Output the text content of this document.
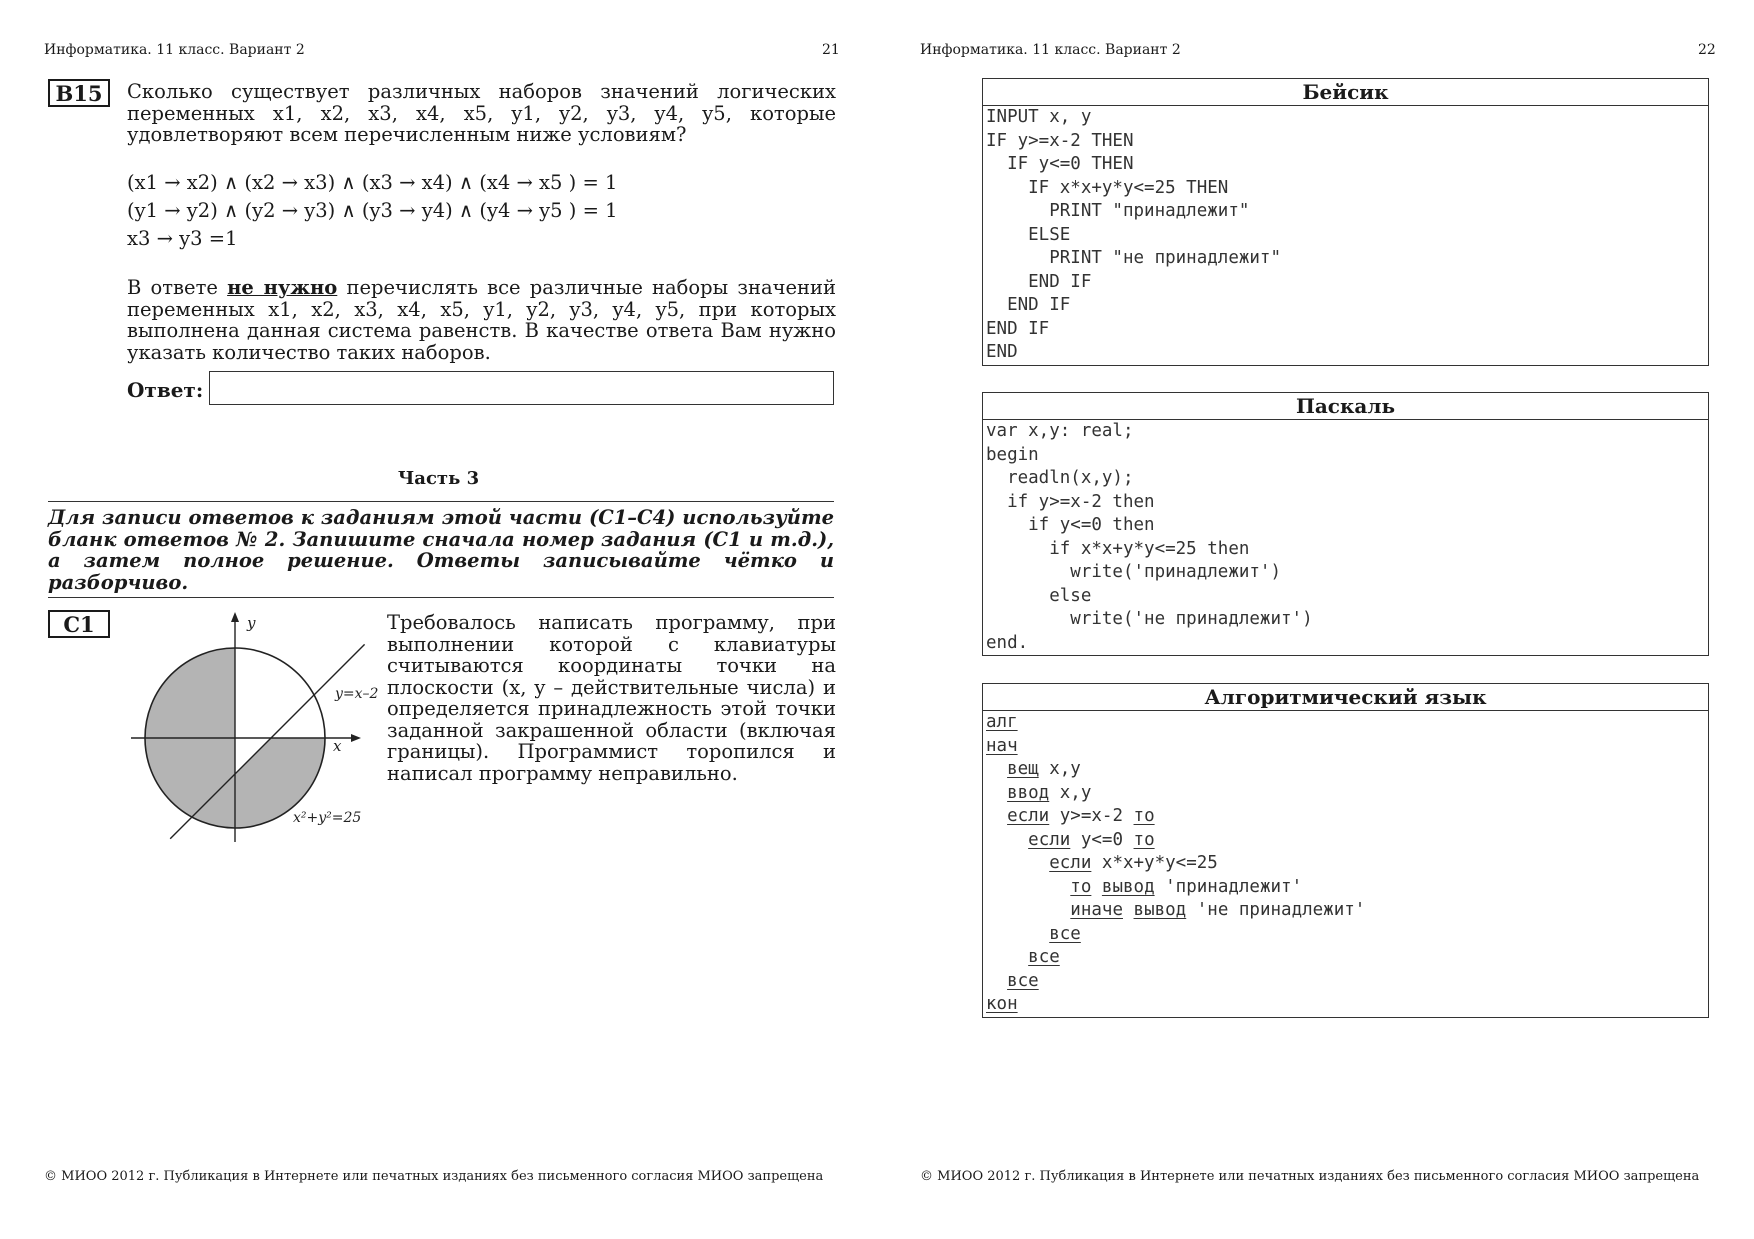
Информатика. 11 класс. Вариант 2	21
B15	Сколько существует различных наборов значений логических
переменных x1, x2, x3, x4, x5, y1, y2, y3, y4, y5, которые
удовлетворяют всем перечисленным ниже условиям?
(x1 → x2) ∧ (x2 → x3) ∧ (x3 → x4) ∧ (x4 → x5 ) = 1
(y1 → y2) ∧ (y2 → y3) ∧ (y3 → y4) ∧ (y4 → y5 ) = 1
x3 → y3 =1
В ответе не нужно перечислять все различные наборы значений
переменных x1, x2, x3, x4, x5, y1, y2, y3, y4, y5, при которых
выполнена данная система равенств. В качестве ответа Вам нужно
указать количество таких наборов.
Ответ:
Часть 3
Для записи ответов к заданиям этой части (C1–C4) используйте
бланк ответов № 2. Запишите сначала номер задания (C1 и т.д.),
а затем полное решение. Ответы записывайте чётко и
разборчиво.
C1	y
x
y=x–2
x²+y²=25
Требовалось написать программу, при
выполнении которой с клавиатуры
считываются координаты точки на
плоскости (x, y – действительные числа) и
определяется принадлежность этой точки
заданной закрашенной области (включая
границы). Программист торопился и
написал программу неправильно.
© МИОО 2012 г. Публикация в Интернете или печатных изданиях без письменного согласия МИОО запрещена
Информатика. 11 класс. Вариант 2	22
© МИОО 2012 г. Публикация в Интернете или печатных изданиях без письменного согласия МИОО запрещена
Бейсик
INPUT x, y
IF y>=x-2 THEN
IF y<=0 THEN
IF x*x+y*y<=25 THEN
PRINT "принадлежит"
ELSE
PRINT "не принадлежит"
END IF
END IF
END IF
END
Паскаль
var x,y: real;
begin
readln(x,y);
if y>=x-2 then
if y<=0 then
if x*x+y*y<=25 then
write('принадлежит')
else
write('не принадлежит')
end.
Алгоритмический язык
алг
нач
вещ x,y
ввод x,y
если y>=x-2 то
если y<=0 то
если x*x+y*y<=25
то вывод 'принадлежит'
иначе вывод 'не принадлежит'
все
все
все
кон
